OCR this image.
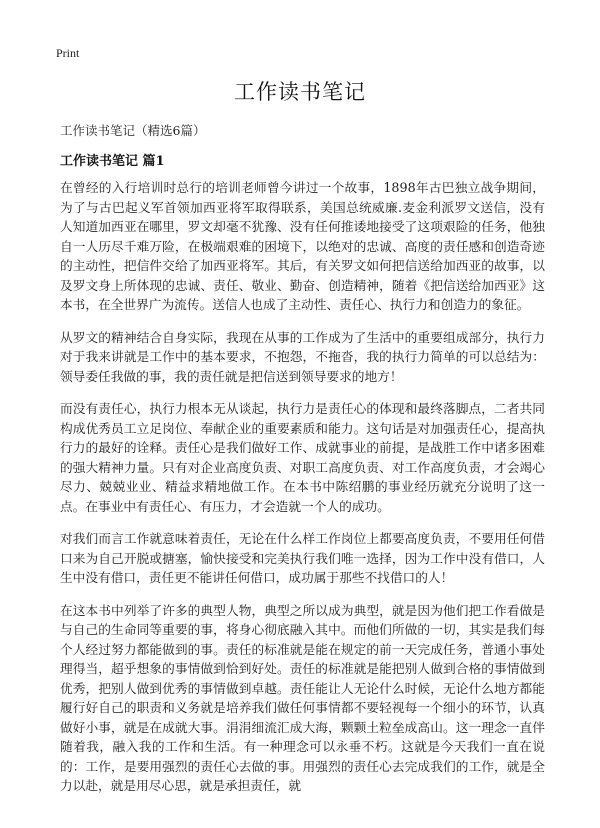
Print
工作读书笔记
工作读书笔记（精选6篇）
工作读书笔记 篇1

在曾经的入行培训时总行的培训老师曾今讲过一个故事，1898年古巴独立战争期间，为了与古巴起义军首领加西亚将军取得联系，美国总统威廉.麦金利派罗文送信，没有人知道加西亚在哪里，罗文却毫不犹豫、没有任何推诿地接受了这项艰险的任务，他独自一人历尽千难万险，在极端艰难的困境下，以绝对的忠诚、高度的责任感和创造奇迹的主动性，把信件交给了加西亚将军。其后，有关罗文如何把信送给加西亚的故事，以及罗文身上所体现的忠诚、责任、敬业、勤奋、创造精神，随着《把信送给加西亚》这本书，在全世界广为流传。送信人也成了主动性、责任心、执行力和创造力的象征。

从罗文的精神结合自身实际，我现在从事的工作成为了生活中的重要组成部分，执行力对于我来讲就是工作中的基本要求，不抱怨，不拖沓，我的执行力简单的可以总结为：领导委任我做的事，我的责任就是把信送到领导要求的地方！

而没有责任心，执行力根本无从谈起，执行力是责任心的体现和最终落脚点，二者共同构成优秀员工立足岗位、奉献企业的重要素质和能力。这句话是对加强责任心，提高执行力的最好的诠释。责任心是我们做好工作、成就事业的前提，是战胜工作中诸多困难的强大精神力量。只有对企业高度负责、对职工高度负责、对工作高度负责，才会竭心尽力、兢兢业业、精益求精地做工作。在本书中陈绍鹏的事业经历就充分说明了这一点。在事业中有责任心、有压力，才会造就一个人的成功。

对我们而言工作就意味着责任，无论在什么样工作岗位上都要高度负责，不要用任何借口来为自己开脱或搪塞，愉快接受和完美执行我们唯一选择，因为工作中没有借口，人生中没有借口，责任更不能讲任何借口，成功属于那些不找借口的人！

在这本书中列举了许多的典型人物，典型之所以成为典型，就是因为他们把工作看做是与自己的生命同等重要的事，将身心彻底融入其中。而他们所做的一切，其实是我们每个人经过努力都能做到的事。责任的标准就是能在规定的前一天完成任务，普通小事处理得当，超乎想象的事情做到恰到好处。责任的标准就是能把别人做到合格的事情做到优秀，把别人做到优秀的事情做到卓越。责任能让人无论什么时候，无论什么地方都能履行好自己的职责和义务就是培养我们做任何事情都不要轻视每一个细小的环节，认真做好小事，就是在成就大事。涓涓细流汇成大海，颗颗土粒垒成高山。这一理念一直伴随着我，融入我的工作和生活。有一种理念可以永垂不朽。这就是今天我们一直在说的：工作，是要用强烈的责任心去做的事。用强烈的责任心去完成我们的工作，就是全力以赴，就是用尽心思，就是承担责任，就
